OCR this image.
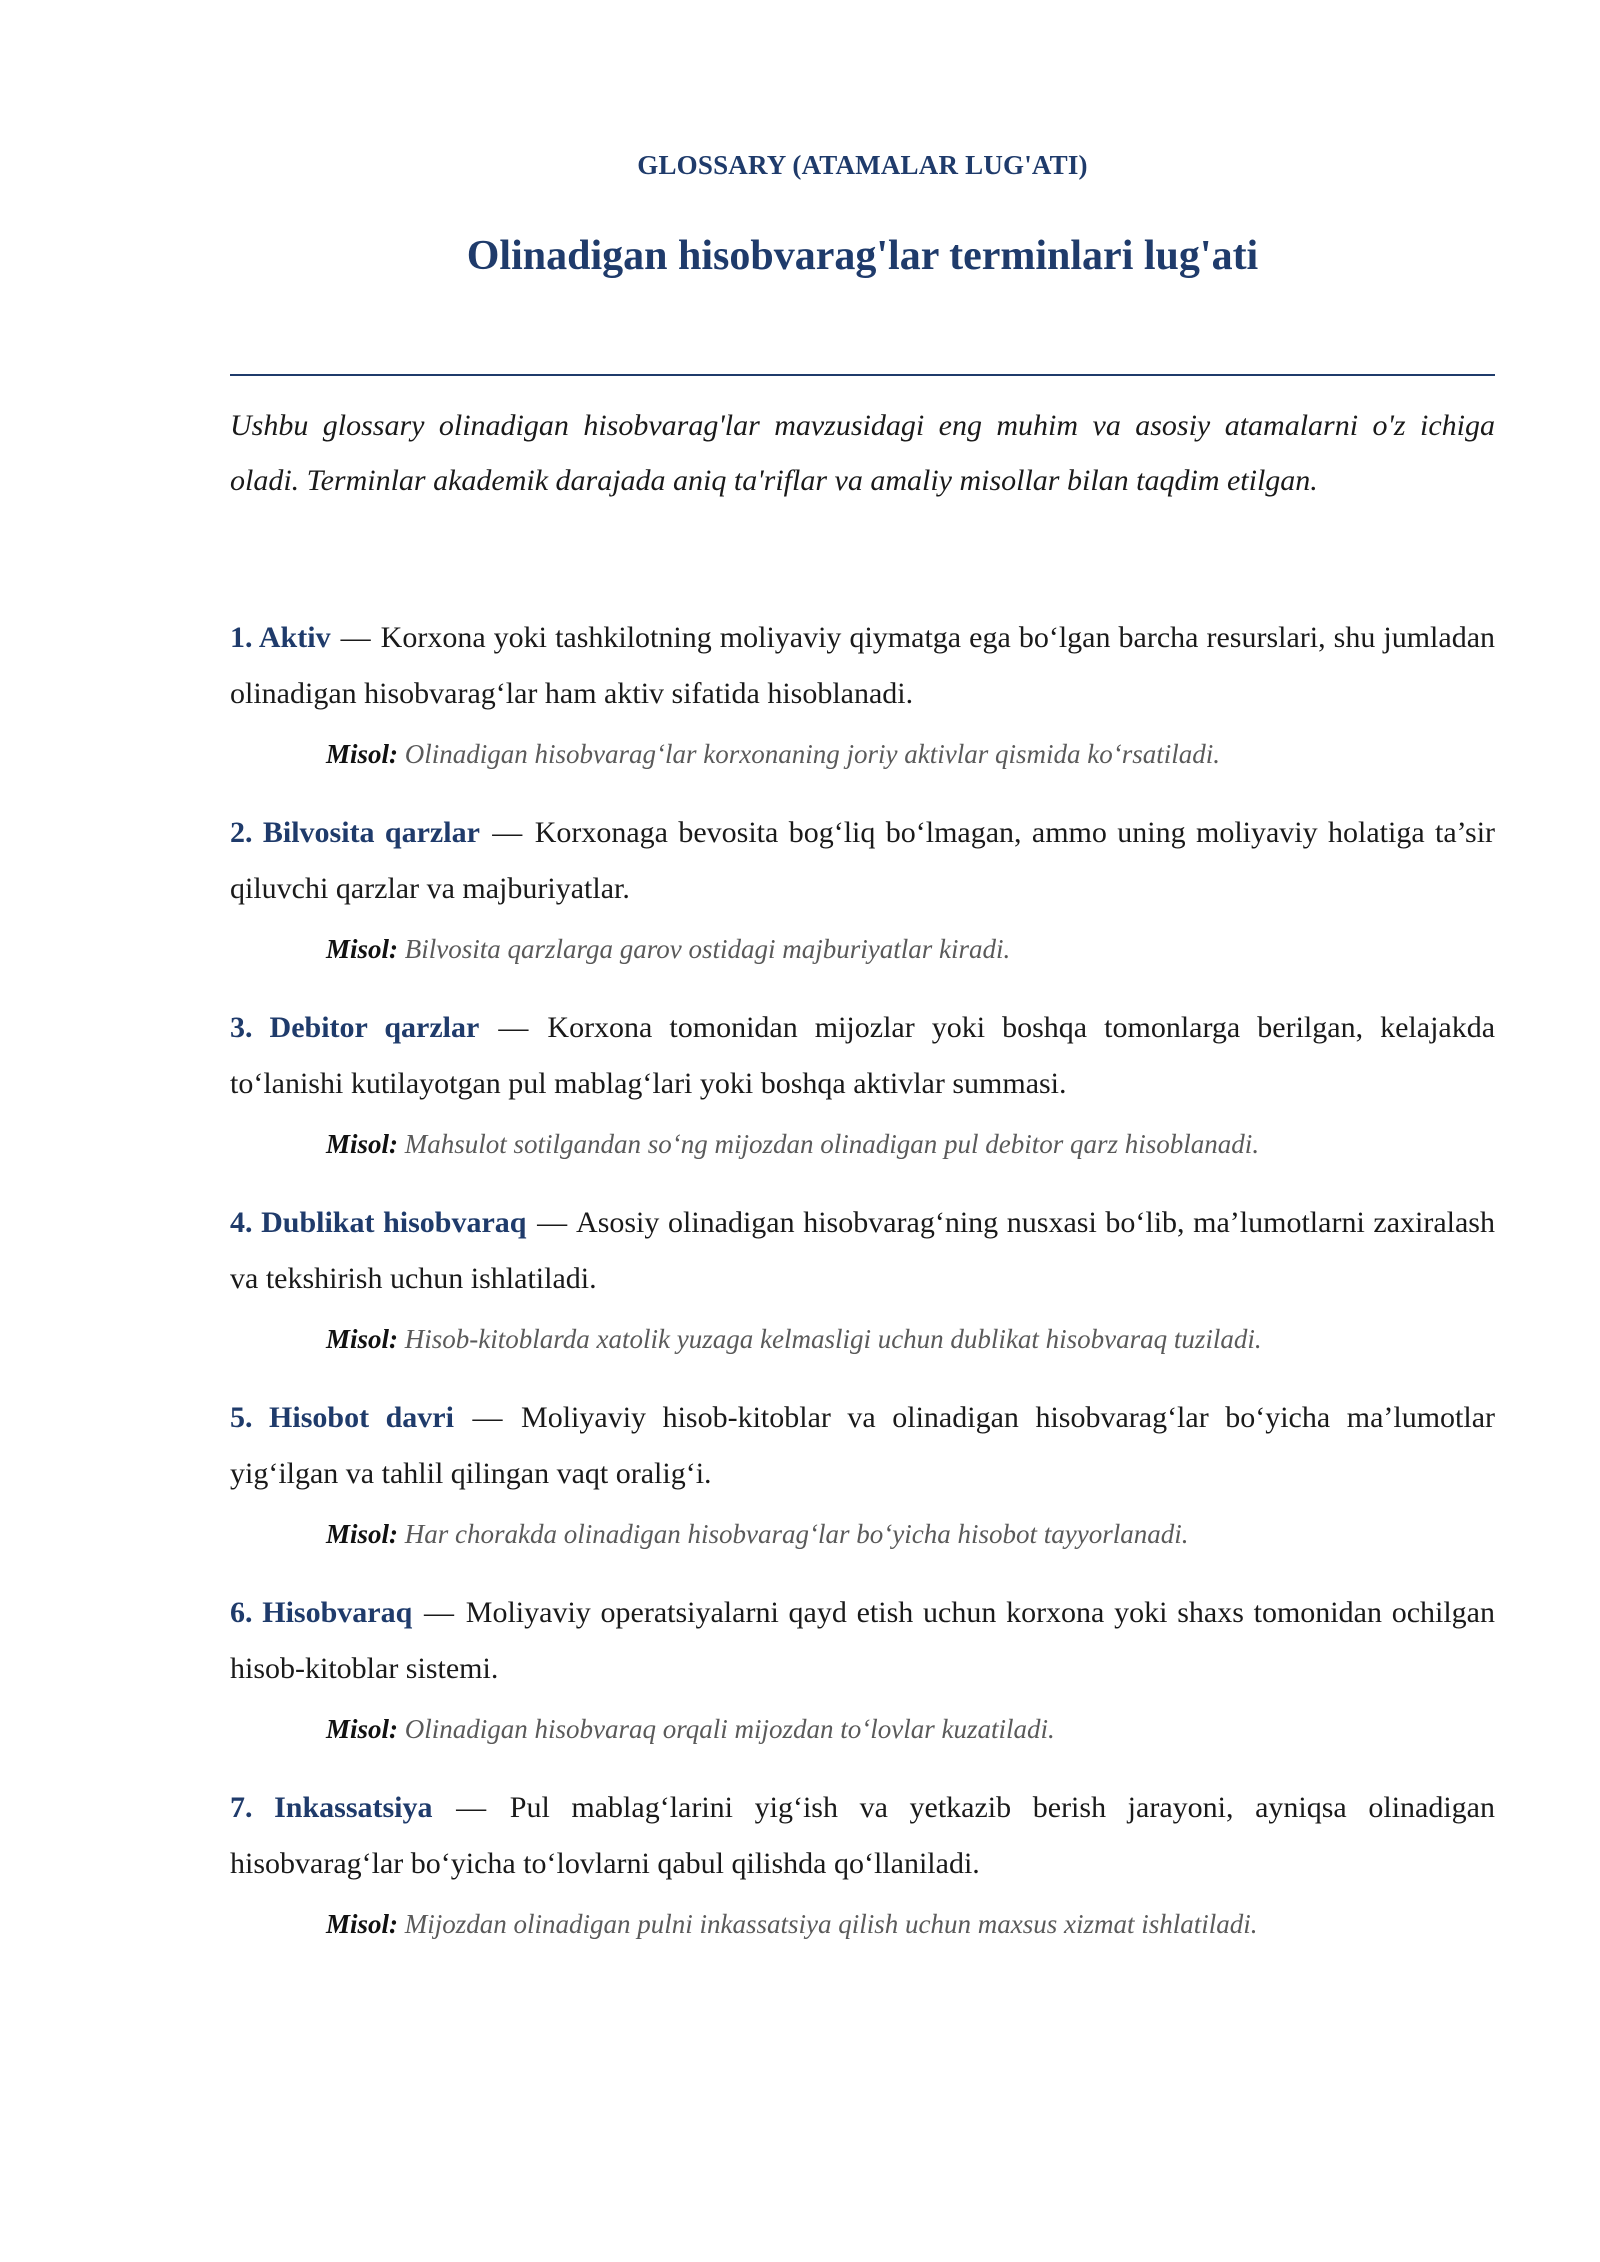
GLOSSARY (ATAMALAR LUG'ATI)
Olinadigan hisobvarag'lar terminlari lug'ati
Ushbu glossary olinadigan hisobvarag'lar mavzusidagi eng muhim va asosiy atamalarni o'z ichiga oladi. Terminlar akademik darajada aniq ta'riflar va amaliy misollar bilan taqdim etilgan.
1. Aktiv — Korxona yoki tashkilotning moliyaviy qiymatga ega bo‘lgan barcha resurslari, shu jumladan olinadigan hisobvarag‘lar ham aktiv sifatida hisoblanadi.
Misol: Olinadigan hisobvarag‘lar korxonaning joriy aktivlar qismida ko‘rsatiladi.
2. Bilvosita qarzlar — Korxonaga bevosita bog‘liq bo‘lmagan, ammo uning moliyaviy holatiga ta’sir qiluvchi qarzlar va majburiyatlar.
Misol: Bilvosita qarzlarga garov ostidagi majburiyatlar kiradi.
3. Debitor qarzlar — Korxona tomonidan mijozlar yoki boshqa tomonlarga berilgan, kelajakda to‘lanishi kutilayotgan pul mablag‘lari yoki boshqa aktivlar summasi.
Misol: Mahsulot sotilgandan so‘ng mijozdan olinadigan pul debitor qarz hisoblanadi.
4. Dublikat hisobvaraq — Asosiy olinadigan hisobvarag‘ning nusxasi bo‘lib, ma’lumotlarni zaxiralash va tekshirish uchun ishlatiladi.
Misol: Hisob-kitoblarda xatolik yuzaga kelmasligi uchun dublikat hisobvaraq tuziladi.
5. Hisobot davri — Moliyaviy hisob-kitoblar va olinadigan hisobvarag‘lar bo‘yicha ma’lumotlar yig‘ilgan va tahlil qilingan vaqt oralig‘i.
Misol: Har chorakda olinadigan hisobvarag‘lar bo‘yicha hisobot tayyorlanadi.
6. Hisobvaraq — Moliyaviy operatsiyalarni qayd etish uchun korxona yoki shaxs tomonidan ochilgan hisob-kitoblar sistemi.
Misol: Olinadigan hisobvaraq orqali mijozdan to‘lovlar kuzatiladi.
7. Inkassatsiya — Pul mablag‘larini yig‘ish va yetkazib berish jarayoni, ayniqsa olinadigan hisobvarag‘lar bo‘yicha to‘lovlarni qabul qilishda qo‘llaniladi.
Misol: Mijozdan olinadigan pulni inkassatsiya qilish uchun maxsus xizmat ishlatiladi.
